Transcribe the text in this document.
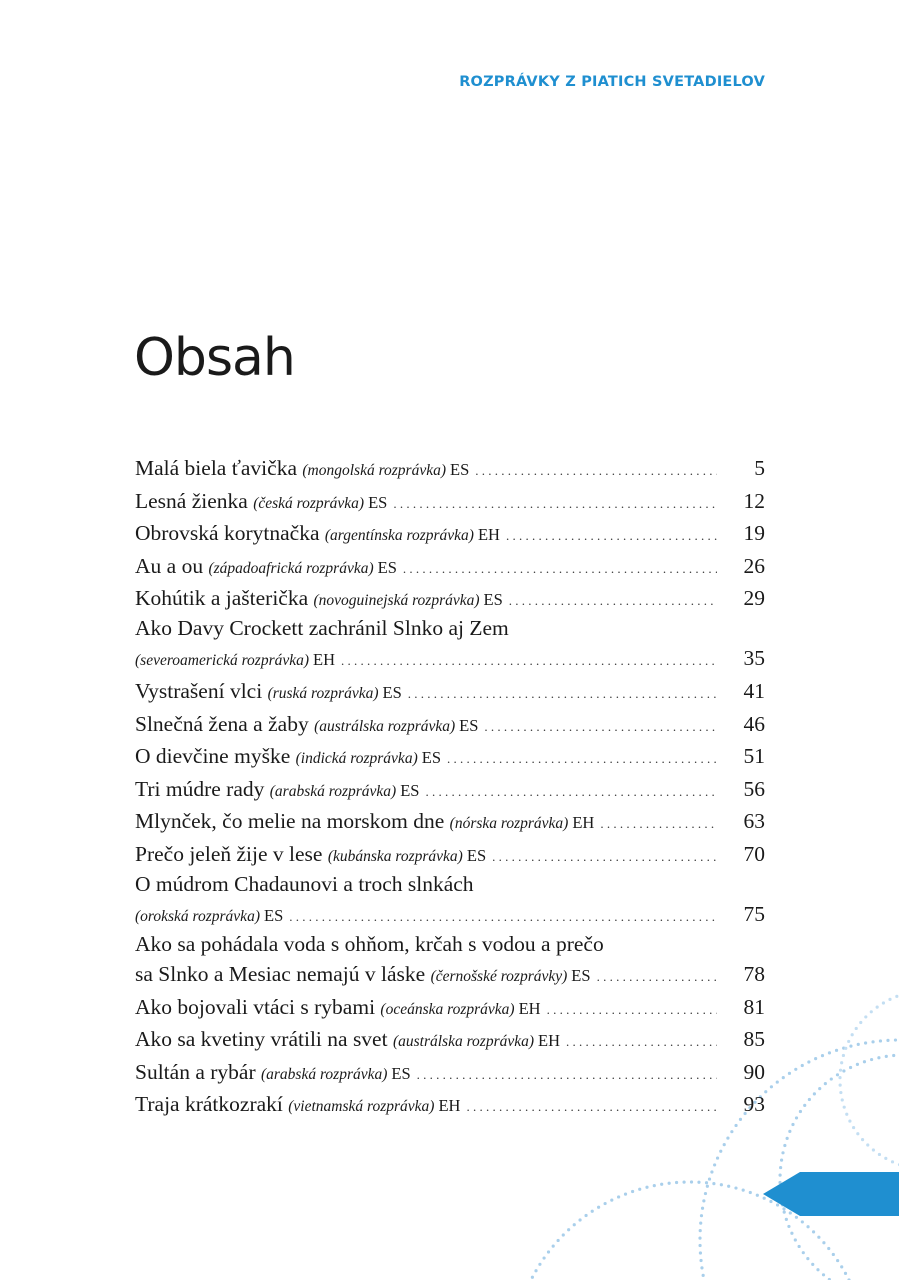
ROZPRÁVKY Z PIATICH SVETADIELOV
Obsah
Malá biela ťavička (mongolská rozprávka) ES . . .	5
Lesná žienka (česká rozprávka) ES . . .	12
Obrovská korytnačka (argentínska rozprávka) EH . . .	19
Au a ou (západoafrická rozprávka) ES . . .	26
Kohútik a jašterička (novoguinejská rozprávka) ES . . .	29
Ako Davy Crockett zachránil Slnko aj Zem
(severoamerická rozprávka) EH . . .	35
Vystrašení vlci (ruská rozprávka) ES . . .	41
Slnečná žena a žaby (austrálska rozprávka) ES . . .	46
O dievčine myške (indická rozprávka) ES . . .	51
Tri múdre rady (arabská rozprávka) ES . . .	56
Mlynček, čo melie na morskom dne (nórska rozprávka) EH . . .	63
Prečo jeleň žije v lese (kubánska rozprávka) ES . . .	70
O múdrom Chadaunovi a troch slnkách
(orokská rozprávka) ES . . .	75
Ako sa pohádala voda s ohňom, krčah s vodou a prečo
sa Slnko a Mesiac nemajú v láske (černošské rozprávky) ES . . .	78
Ako bojovali vtáci s rybami (oceánska rozprávka) EH . . .	81
Ako sa kvetiny vrátili na svet (austrálska rozprávka) EH . . .	85
Sultán a rybár (arabská rozprávka) ES . . .	90
Traja krátkozrakí (vietnamská rozprávka) EH . . .	93
